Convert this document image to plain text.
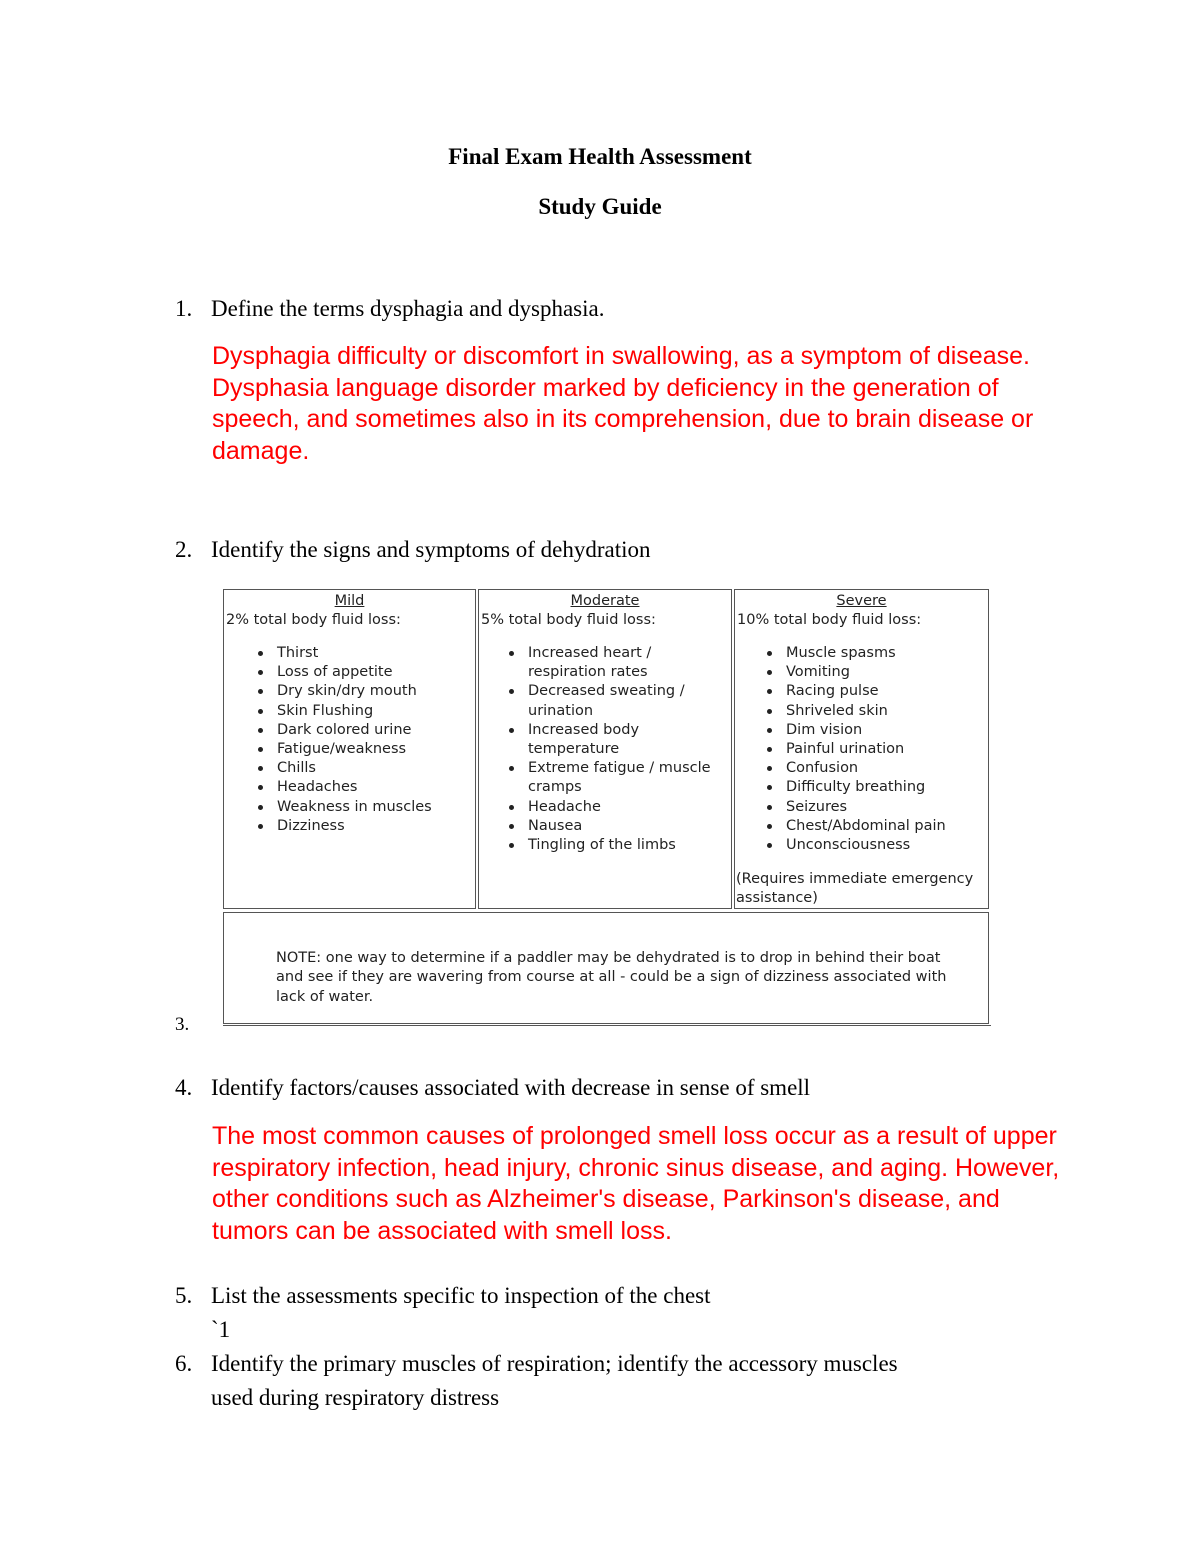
Final Exam Health Assessment
Study Guide
1. Define the terms dysphagia and dysphasia.

Dysphagia difficulty or discomfort in swallowing, as a symptom of disease.

Dysphasia language disorder marked by deficiency in the generation of speech, and sometimes also in its comprehension, due to brain disease or damage.

2. Identify the signs and symptoms of dehydration
Mild
2% total body fluid loss:
Thirst
Loss of appetite
Dry skin/dry mouth
Skin Flushing
Dark colored urine
Fatigue/weakness
Chills
Headaches
Weakness in muscles
Dizziness
Moderate
5% total body fluid loss:
Increased heart / respiration rates
Decreased sweating / urination
Increased body temperature
Extreme fatigue / muscle cramps
Headache
Nausea
Tingling of the limbs
Severe
10% total body fluid loss:
Muscle spasms
Vomiting
Racing pulse
Shriveled skin
Dim vision
Painful urination
Confusion
Difficulty breathing
Seizures
Chest/Abdominal pain
Unconsciousness
(Requires immediate emergency assistance)
NOTE: one way to determine if a paddler may be dehydrated is to drop in behind their boat and see if they are wavering from course at all - could be a sign of dizziness associated with lack of water.
3.
4. Identify factors/causes associated with decrease in sense of smell

The most common causes of prolonged smell loss occur as a result of upper respiratory infection, head injury, chronic sinus disease, and aging. However, other conditions such as Alzheimer's disease, Parkinson's disease, and tumors can be associated with smell loss.

5. List the assessments specific to inspection of the chest
`1
6. Identify the primary muscles of respiration; identify the accessory muscles
used during respiratory distress
